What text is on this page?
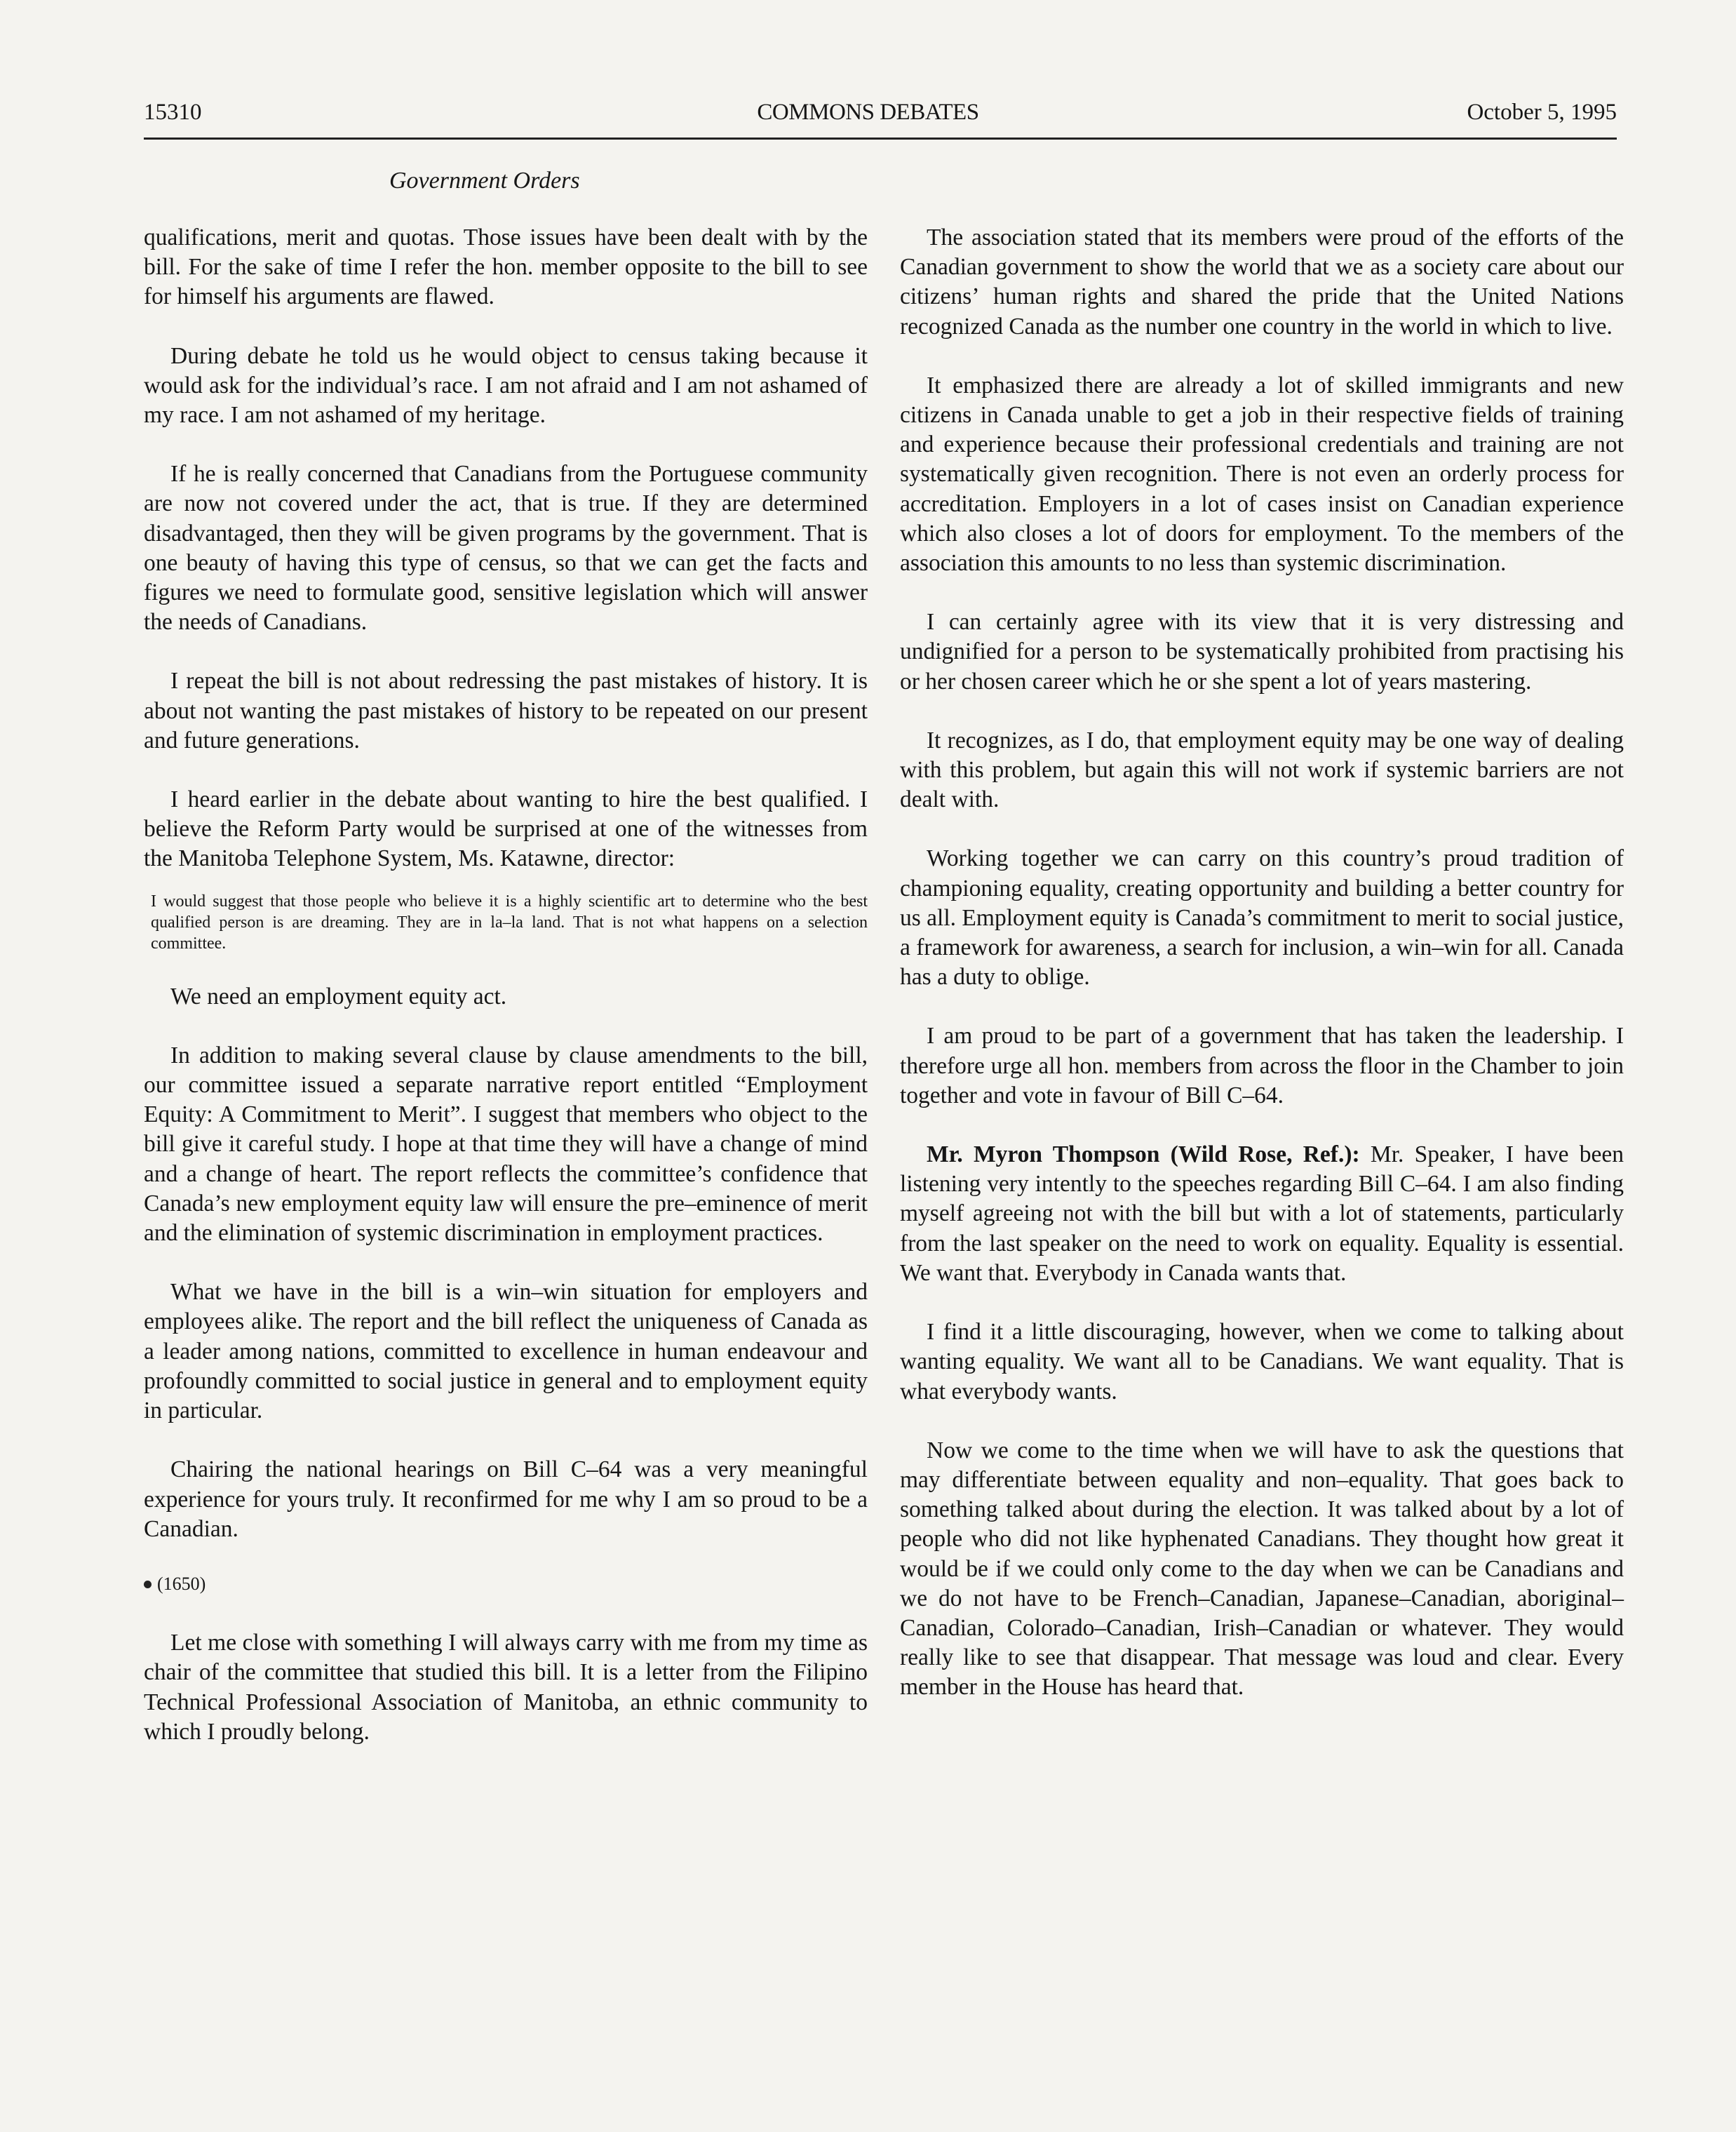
15310	COMMONS DEBATES	October 5, 1995
Government Orders

qualifications, merit and quotas. Those issues have been dealt with by the bill. For the sake of time I refer the hon. member opposite to the bill to see for himself his arguments are flawed.

During debate he told us he would object to census taking because it would ask for the individual’s race. I am not afraid and I am not ashamed of my race. I am not ashamed of my heritage.

If he is really concerned that Canadians from the Portuguese community are now not covered under the act, that is true. If they are determined disadvantaged, then they will be given programs by the government. That is one beauty of having this type of census, so that we can get the facts and figures we need to formulate good, sensitive legislation which will answer the needs of Canadians.

I repeat the bill is not about redressing the past mistakes of history. It is about not wanting the past mistakes of history to be repeated on our present and future generations.

I heard earlier in the debate about wanting to hire the best qualified. I believe the Reform Party would be surprised at one of the witnesses from the Manitoba Telephone System, Ms. Katawne, director:

I would suggest that those people who believe it is a highly scientific art to determine who the best qualified person is are dreaming. They are in la–la land. That is not what happens on a selection committee.

We need an employment equity act.

In addition to making several clause by clause amendments to the bill, our committee issued a separate narrative report entitled “Employment Equity: A Commitment to Merit”. I suggest that members who object to the bill give it careful study. I hope at that time they will have a change of mind and a change of heart. The report reflects the committee’s confidence that Canada’s new employment equity law will ensure the pre–eminence of merit and the elimination of systemic discrimination in employment practices.

What we have in the bill is a win–win situation for employers and employees alike. The report and the bill reflect the uniqueness of Canada as a leader among nations, committed to excellence in human endeavour and profoundly committed to social justice in general and to employment equity in particular.

Chairing the national hearings on Bill C–64 was a very meaningful experience for yours truly. It reconfirmed for me why I am so proud to be a Canadian.

(1650)

Let me close with something I will always carry with me from my time as chair of the committee that studied this bill. It is a letter from the Filipino Technical Professional Association of Manitoba, an ethnic community to which I proudly belong.

The association stated that its members were proud of the efforts of the Canadian government to show the world that we as a society care about our citizens’ human rights and shared the pride that the United Nations recognized Canada as the number one country in the world in which to live.

It emphasized there are already a lot of skilled immigrants and new citizens in Canada unable to get a job in their respective fields of training and experience because their professional credentials and training are not systematically given recognition. There is not even an orderly process for accreditation. Employers in a lot of cases insist on Canadian experience which also closes a lot of doors for employment. To the members of the association this amounts to no less than systemic discrimination.

I can certainly agree with its view that it is very distressing and undignified for a person to be systematically prohibited from practising his or her chosen career which he or she spent a lot of years mastering.

It recognizes, as I do, that employment equity may be one way of dealing with this problem, but again this will not work if systemic barriers are not dealt with.

Working together we can carry on this country’s proud tradition of championing equality, creating opportunity and building a better country for us all. Employment equity is Canada’s commitment to merit to social justice, a framework for awareness, a search for inclusion, a win–win for all. Canada has a duty to oblige.

I am proud to be part of a government that has taken the leadership. I therefore urge all hon. members from across the floor in the Chamber to join together and vote in favour of Bill C–64.

Mr. Myron Thompson (Wild Rose, Ref.): Mr. Speaker, I have been listening very intently to the speeches regarding Bill C–64. I am also finding myself agreeing not with the bill but with a lot of statements, particularly from the last speaker on the need to work on equality. Equality is essential. We want that. Everybody in Canada wants that.

I find it a little discouraging, however, when we come to talking about wanting equality. We want all to be Canadians. We want equality. That is what everybody wants.

Now we come to the time when we will have to ask the questions that may differentiate between equality and non–equality. That goes back to something talked about during the election. It was talked about by a lot of people who did not like hyphenated Canadians. They thought how great it would be if we could only come to the day when we can be Canadians and we do not have to be French–Canadian, Japanese–Canadian, aboriginal–Canadian, Colorado–Canadian, Irish–Canadian or whatever. They would really like to see that disappear. That message was loud and clear. Every member in the House has heard that.
